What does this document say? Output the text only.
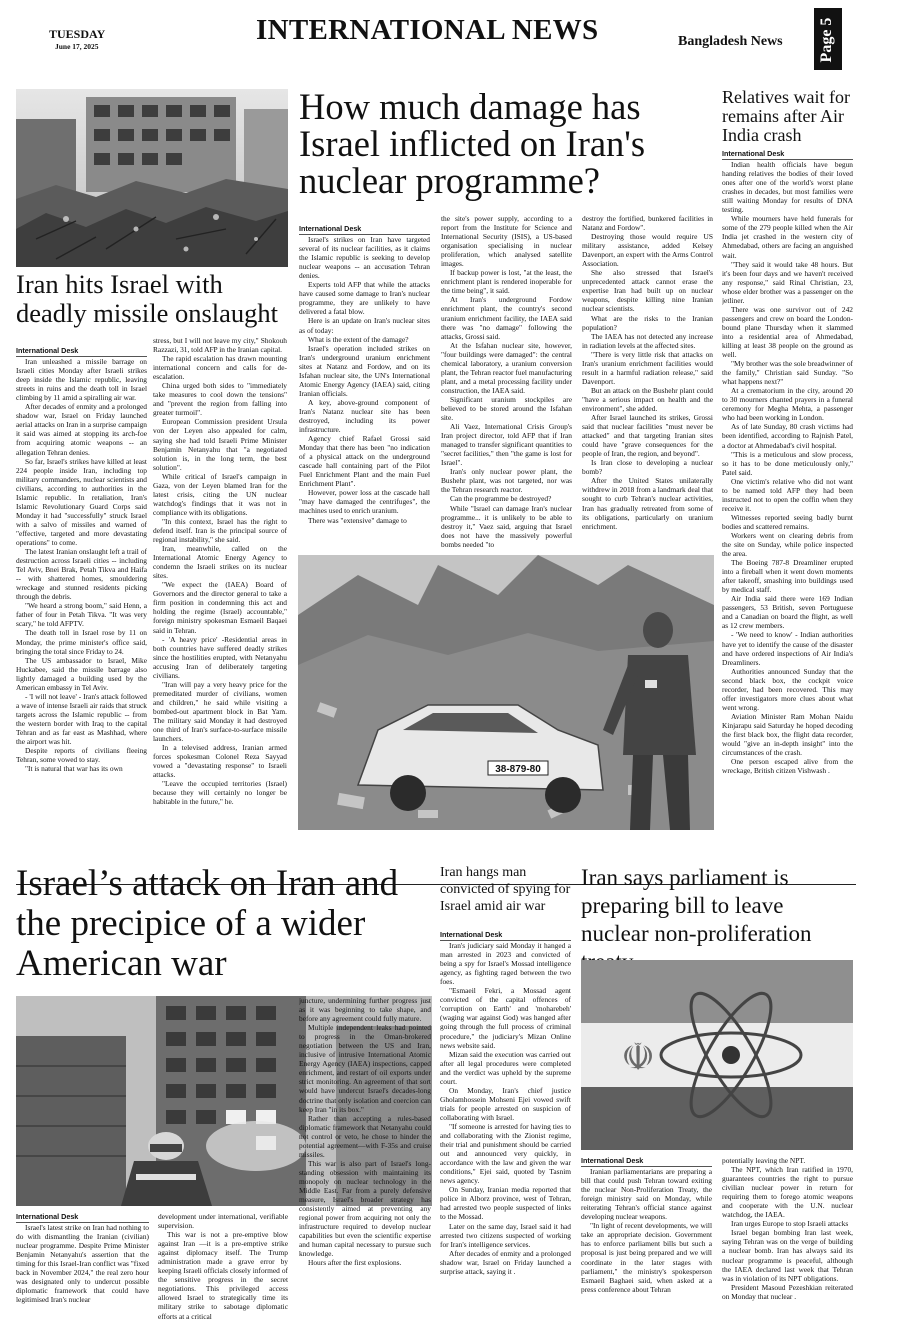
TUESDAY
June 17, 2025
INTERNATIONAL NEWS	Bangladesh News Page 5
Iran hits Israel with deadly missile onslaught

International Desk

Iran unleashed a missile barrage on Israeli cities Monday after Israeli strikes deep inside the Islamic republic, leaving streets in ruins and the death toll in Israel climbing by 11 amid a spiralling air war.

After decades of enmity and a prolonged shadow war, Israel on Friday launched aerial attacks on Iran in a surprise campaign it said was aimed at stopping its arch-foe from acquiring atomic weapons -- an allegation Tehran denies.

So far, Israel's strikes have killed at least 224 people inside Iran, including top military commanders, nuclear scientists and civilians, according to authorities in the Islamic republic. In retaliation, Iran's Islamic Revolutionary Guard Corps said Monday it had "successfully" struck Israel with a salvo of missiles and warned of "effective, targeted and more devastating operations" to come.

The latest Iranian onslaught left a trail of destruction across Israeli cities -- including Tel Aviv, Bnei Brak, Petah Tikva and Haifa -- with shattered homes, smouldering wreckage and stunned residents picking through the debris.

"We heard a strong boom," said Henn, a father of four in Petah Tikva. "It was very scary," he told AFPTV.

The death toll in Israel rose by 11 on Monday, the prime minister's office said, bringing the total since Friday to 24.

The US ambassador to Israel, Mike Huckabee, said the missile barrage also lightly damaged a building used by the American embassy in Tel Aviv.

- 'I will not leave' - Iran's attack followed a wave of intense Israeli air raids that struck targets across the Islamic republic -- from the western border with Iraq to the capital Tehran and as far east as Mashhad, where the airport was hit.

Despite reports of civilians fleeing Tehran, some vowed to stay.

"It is natural that war has its own

stress, but I will not leave my city," Shokouh Razzazi, 31, told AFP in the Iranian capital.

The rapid escalation has drawn mounting international concern and calls for de-escalation.

China urged both sides to "immediately take measures to cool down the tensions" and "prevent the region from falling into greater turmoil".

European Commission president Ursula von der Leyen also appealed for calm, saying she had told Israeli Prime Minister Benjamin Netanyahu that "a negotiated solution is, in the long term, the best solution".

While critical of Israel's campaign in Gaza, von der Leyen blamed Iran for the latest crisis, citing the UN nuclear watchdog's findings that it was not in compliance with its obligations.

"In this context, Israel has the right to defend itself. Iran is the principal source of regional instability," she said.

Iran, meanwhile, called on the International Atomic Energy Agency to condemn the Israeli strikes on its nuclear sites.

"We expect the (IAEA) Board of Governors and the director general to take a firm position in condemning this act and holding the regime (Israel) accountable," foreign ministry spokesman Esmaeil Baqaei said in Tehran.

- 'A heavy price' -Residential areas in both countries have suffered deadly strikes since the hostilities erupted, with Netanyahu accusing Iran of deliberately targeting civilians.

"Iran will pay a very heavy price for the premeditated murder of civilians, women and children," he said while visiting a bombed-out apartment block in Bat Yam. The military said Monday it had destroyed one third of Iran's surface-to-surface missile launchers.

In a televised address, Iranian armed forces spokesman Colonel Reza Sayyad vowed a "devastating response" to Israeli attacks.

"Leave the occupied territories (Israel) because they will certainly no longer be habitable in the future," he.

How much damage has Israel inflicted on Iran's nuclear programme?

International Desk

Israel's strikes on Iran have targeted several of its nuclear facilities, as it claims the Islamic republic is seeking to develop nuclear weapons -- an accusation Tehran denies.

Experts told AFP that while the attacks have caused some damage to Iran's nuclear programme, they are unlikely to have delivered a fatal blow.

Here is an update on Iran's nuclear sites as of today:

What is the extent of the damage?

Israel's operation included strikes on Iran's underground uranium enrichment sites at Natanz and Fordow, and on its Isfahan nuclear site, the UN's International Atomic Energy Agency (IAEA) said, citing Iranian officials.

A key, above-ground component of Iran's Natanz nuclear site has been destroyed, including its power infrastructure.

Agency chief Rafael Grossi said Monday that there has been "no indication of a physical attack on the underground cascade hall containing part of the Pilot Fuel Enrichment Plant and the main Fuel Enrichment Plant".

However, power loss at the cascade hall "may have damaged the centrifuges", the machines used to enrich uranium.

There was "extensive" damage to

the site's power supply, according to a report from the Institute for Science and International Security (ISIS), a US-based organisation specialising in nuclear proliferation, which analysed satellite images.

If backup power is lost, "at the least, the enrichment plant is rendered inoperable for the time being", it said.

At Iran's underground Fordow enrichment plant, the country's second uranium enrichment facility, the IAEA said there was "no damage" following the attacks, Grossi said.

At the Isfahan nuclear site, however, "four buildings were damaged": the central chemical laboratory, a uranium conversion plant, the Tehran reactor fuel manufacturing plant, and a metal processing facility under construction, the IAEA said.

Significant uranium stockpiles are believed to be stored around the Isfahan site.

Ali Vaez, International Crisis Group's Iran project director, told AFP that if Iran managed to transfer significant quantities to "secret facilities," then "the game is lost for Israel".

Iran's only nuclear power plant, the Bushehr plant, was not targeted, nor was the Tehran research reactor.

Can the programme be destroyed?

While "Israel can damage Iran's nuclear programme... it is unlikely to be able to destroy it," Vaez said, arguing that Israel does not have the massively powerful bombs needed "to

destroy the fortified, bunkered facilities in Natanz and Fordow".

Destroying those would require US military assistance, added Kelsey Davenport, an expert with the Arms Control Association.

She also stressed that Israel's unprecedented attack cannot erase the expertise Iran had built up on nuclear weapons, despite killing nine Iranian nuclear scientists.

What are the risks to the Iranian population?

The IAEA has not detected any increase in radiation levels at the affected sites.

"There is very little risk that attacks on Iran's uranium enrichment facilities would result in a harmful radiation release," said Davenport.

But an attack on the Bushehr plant could "have a serious impact on health and the environment", she added.

After Israel launched its strikes, Grossi said that nuclear facilities "must never be attacked" and that targeting Iranian sites could have "grave consequences for the people of Iran, the region, and beyond".

Is Iran close to developing a nuclear bomb?

After the United States unilaterally withdrew in 2018 from a landmark deal that sought to curb Tehran's nuclear activities, Iran has gradually retreated from some of its obligations, particularly on uranium enrichment.

38-879-80
Relatives wait for remains after Air India crash

International Desk

Indian health officials have begun handing relatives the bodies of their loved ones after one of the world's worst plane crashes in decades, but most families were still waiting Monday for results of DNA testing.

While mourners have held funerals for some of the 279 people killed when the Air India jet crashed in the western city of Ahmedabad, others are facing an anguished wait.

"They said it would take 48 hours. But it's been four days and we haven't received any response," said Rinal Christian, 23, whose elder brother was a passenger on the jetliner.

There was one survivor out of 242 passengers and crew on board the London-bound plane Thursday when it slammed into a residential area of Ahmedabad, killing at least 38 people on the ground as well.

"My brother was the sole breadwinner of the family," Christian said Sunday. "So what happens next?"

At a crematorium in the city, around 20 to 30 mourners chanted prayers in a funeral ceremony for Megha Mehta, a passenger who had been working in London.

As of late Sunday, 80 crash victims had been identified, according to Rajnish Patel, a doctor at Ahmedabad's civil hospital.

"This is a meticulous and slow process, so it has to be done meticulously only," Patel said.

One victim's relative who did not want to be named told AFP they had been instructed not to open the coffin when they receive it.

Witnesses reported seeing badly burnt bodies and scattered remains.

Workers went on clearing debris from the site on Sunday, while police inspected the area.

The Boeing 787-8 Dreamliner erupted into a fireball when it went down moments after takeoff, smashing into buildings used by medical staff.

Air India said there were 169 Indian passengers, 53 British, seven Portuguese and a Canadian on board the flight, as well as 12 crew members.

- 'We need to know' - Indian authorities have yet to identify the cause of the disaster and have ordered inspections of Air India's Dreamliners.

Authorities announced Sunday that the second black box, the cockpit voice recorder, had been recovered. This may offer investigators more clues about what went wrong.

Aviation Minister Ram Mohan Naidu Kinjarapu said Saturday he hoped decoding the first black box, the flight data recorder, would "give an in-depth insight" into the circumstances of the crash.

One person escaped alive from the wreckage, British citizen Vishwash .

Israel’s attack on Iran and the precipice of a wider American war

International Desk

Israel's latest strike on Iran had nothing to do with dismantling the Iranian (civilian) nuclear programme. Despite Prime Minister Benjamin Netanyahu's assertion that the timing for this Israel-Iran conflict was "fixed back in November 2024," the real zero hour was designated only to undercut possible diplomatic framework that could have legitimised Iran's nuclear

development under international, verifiable supervision.

This war is not a pre-emptive blow against Iran —it is a pre-emptive strike against diplomacy itself. The Trump administration made a grave error by keeping Israeli officials closely informed of the sensitive progress in the secret negotiations. This privileged access allowed Israel to strategically time its military strike to sabotage diplomatic efforts at a critical

juncture, undermining further progress just as it was beginning to take shape, and before any agreement could fully mature.

Multiple independent leaks had pointed to progress in the Oman-brokered negotiation between the US and Iran, inclusive of intrusive International Atomic Energy Agency (IAEA) inspections, capped enrichment, and restart of oil exports under strict monitoring. An agreement of that sort would have undercut Israel's decades-long doctrine that only isolation and coercion can keep Iran "in its box."

Rather than accepting a rules-based diplomatic framework that Netanyahu could not control or veto, he chose to hinder the potential agreement—with F-35s and cruise missiles.

This war is also part of Israel's long-standing obsession with maintaining its monopoly on nuclear technology in the Middle East. Far from a purely defensive measure, Israel's broader strategy has consistently aimed at preventing any regional power from acquiring not only the infrastructure required to develop nuclear capabilities but even the scientific expertise and human capital necessary to pursue such knowledge.

Hours after the first explosions.

Iran hangs man convicted of spying for Israel amid air war

International Desk

Iran's judiciary said Monday it hanged a man arrested in 2023 and convicted of being a spy for Israel's Mossad intelligence agency, as fighting raged between the two foes.

"Esmaeil Fekri, a Mossad agent convicted of the capital offences of 'corruption on Earth' and 'moharebeh' (waging war against God) was hanged after going through the full process of criminal procedure," the judiciary's Mizan Online news website said.

Mizan said the execution was carried out after all legal procedures were completed and the verdict was upheld by the supreme court.

On Monday, Iran's chief justice Gholamhossein Mohseni Ejei vowed swift trials for people arrested on suspicion of collaborating with Israel.

"If someone is arrested for having ties to and collaborating with the Zionist regime, their trial and punishment should be carried out and announced very quickly, in accordance with the law and given the war conditions," Ejei said, quoted by Tasnim news agency.

On Sunday, Iranian media reported that police in Alborz province, west of Tehran, had arrested two people suspected of links to the Mossad.

Later on the same day, Israel said it had arrested two citizens suspected of working for Iran's intelligence services.

After decades of enmity and a prolonged shadow war, Israel on Friday launched a surprise attack, saying it .

Iran says parliament is preparing bill to leave nuclear non-proliferation
☫

International Desk

Iranian parliamentarians are preparing a bill that could push Tehran toward exiting the nuclear Non-Proliferation Treaty, the foreign ministry said on Monday, while reiterating Tehran's official stance against developing nuclear weapons.

"In light of recent developments, we will take an appropriate decision. Government has to enforce parliament bills but such a proposal is just being prepared and we will coordinate in the later stages with parliament," the ministry's spokesperson Esmaeil Baghaei said, when asked at a press conference about Tehran

potentially leaving the NPT.

The NPT, which Iran ratified in 1970, guarantees countries the right to pursue civilian nuclear power in return for requiring them to forego atomic weapons and cooperate with the U.N. nuclear watchdog, the IAEA.

Iran urges Europe to stop Israeli attacks

Israel began bombing Iran last week, saying Tehran was on the verge of building a nuclear bomb. Iran has always said its nuclear programme is peaceful, although the IAEA declared last week that Tehran was in violation of its NPT obligations.

President Masoud Pezeshkian reiterated on Monday that nuclear .
